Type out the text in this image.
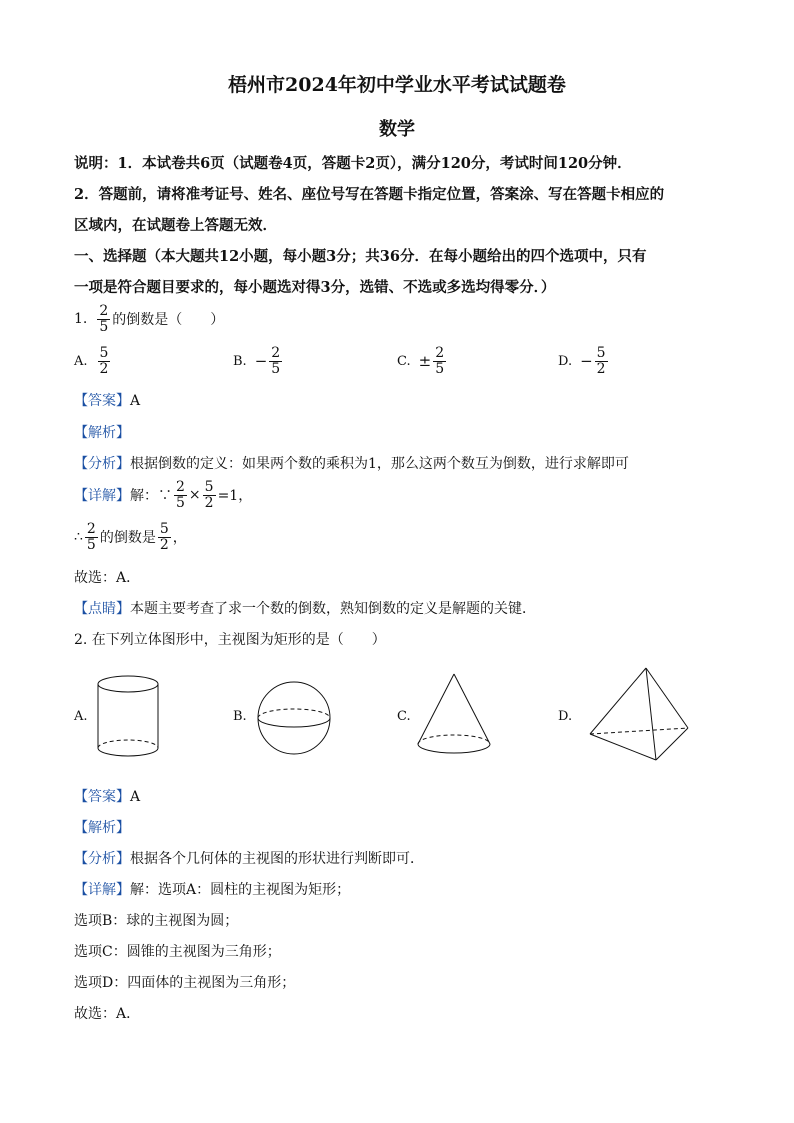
梧州市2024年初中学业水平考试试题卷
数学
说明：1．本试卷共6页（试题卷4页，答题卡2页），满分120分，考试时间120分钟．
2．答题前，请将准考证号、姓名、座位号写在答题卡指定位置，答案涂、写在答题卡相应的
区域内，在试题卷上答题无效．
一、选择题（本大题共12小题，每小题3分；共36分．在每小题给出的四个选项中，只有
一项是符合题目要求的，每小题选对得3分，选错、不选或多选均得零分．）
1. $\frac{2}{5}$ 的倒数是（　　）
A. $\frac{5}{2}$	B. − $\frac{2}{5}$	C. ± $\frac{2}{5}$	D. − $\frac{5}{2}$
【答案】A
【解析】
【分析】根据倒数的定义：如果两个数的乘积为1，那么这两个数互为倒数，进行求解即可
【详解】 解：∵ $\frac{2}{5} \times \frac{5}{2} =1$，
∴ $\frac{2}{5}$ 的倒数是 $\frac{5}{2}$ ，
故选：A．
【点睛】本题主要考查了求一个数的倒数，熟知倒数的定义是解题的关键．
2. 在下列立体图形中，主视图为矩形的是（　　）
A.	B.	C.	D.
【答案】A
【解析】
【分析】根据各个几何体的主视图的形状进行判断即可．
【详解】解：选项A：圆柱的主视图为矩形；
选项B：球的主视图为圆；
选项C：圆锥的主视图为三角形；
选项D：四面体的主视图为三角形；
故选：A．
